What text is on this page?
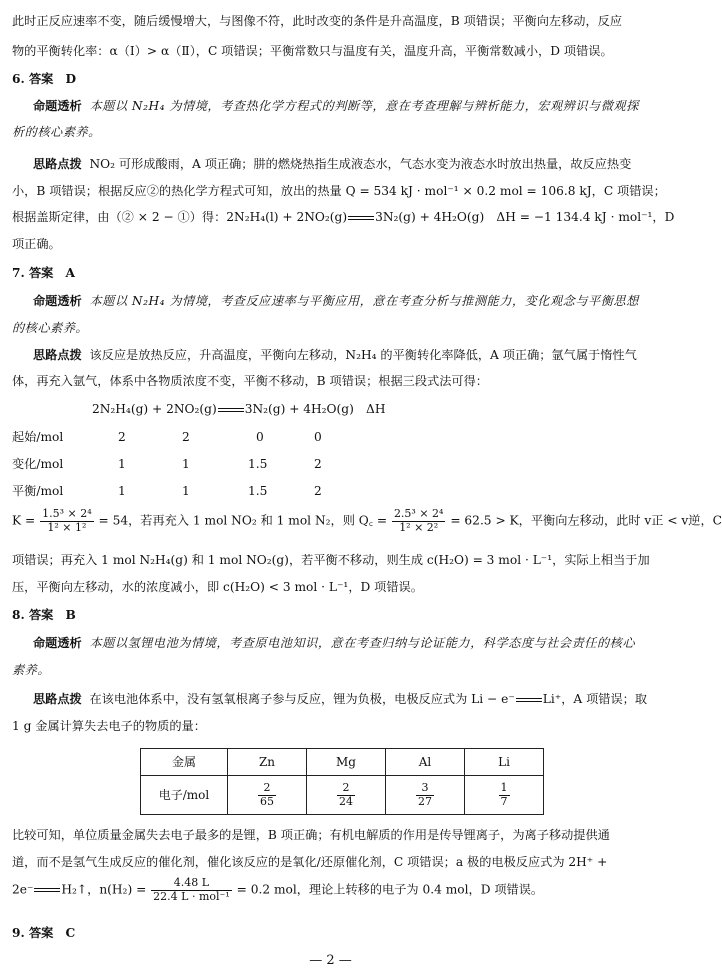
此时正反应速率不变，随后缓慢增大，与图像不符，此时改变的条件是升高温度，B 项错误；平衡向左移动，反应
物的平衡转化率：α（Ⅰ）> α（Ⅱ），C 项错误；平衡常数只与温度有关，温度升高，平衡常数减小，D 项错误。
6. 答案　D
命题透析 本题以 N₂H₄ 为情境，考查热化学方程式的判断等，意在考查理解与辨析能力，宏观辨识与微观探
析的核心素养。
思路点拨 NO₂ 可形成酸雨，A 项正确；肼的燃烧热指生成液态水，气态水变为液态水时放出热量，故反应热变
小，B 项错误；根据反应②的热化学方程式可知，放出的热量 Q = 534 kJ · mol⁻¹ × 0.2 mol = 106.8 kJ，C 项错误；
根据盖斯定律，由（② × 2 − ①）得：2N₂H₄(l) + 2NO₂(g) 3N₂(g) + 4H₂O(g)　ΔH = −1 134.4 kJ · mol⁻¹，D
项正确。
7. 答案　A
命题透析 本题以 N₂H₄ 为情境，考查反应速率与平衡应用，意在考查分析与推测能力，变化观念与平衡思想
的核心素养。
思路点拨 该反应是放热反应，升高温度，平衡向左移动，N₂H₄ 的平衡转化率降低，A 项正确；氩气属于惰性气
体，再充入氩气，体系中各物质浓度不变，平衡不移动，B 项错误；根据三段式法可得：
2N₂H₄(g) + 2NO₂(g) 3N₂(g) + 4H₂O(g)　ΔH
起始/mol	2	2	0	0
变化/mol	1	1	1.5	2
平衡/mol	1	1	1.5	2
$K = \frac{\text{1.5³ × 2⁴}}{\text{1² × 1²}} = 54$，若再充入 1 mol NO₂ 和 1 mol N₂，则 Q꜀ = $\frac{\text{2.5³ × 2⁴}}{\text{1² × 2²}} = 62.5 > K$，平衡向左移动，此时 v正 < v逆，C
项错误；再充入 1 mol N₂H₄(g) 和 1 mol NO₂(g)，若平衡不移动，则生成 c(H₂O) = 3 mol · L⁻¹，实际上相当于加
压，平衡向左移动，水的浓度减小，即 c(H₂O) < 3 mol · L⁻¹，D 项错误。
8. 答案　B
命题透析 本题以氢锂电池为情境，考查原电池知识，意在考查归纳与论证能力，科学态度与社会责任的核心
素养。
思路点拨 在该电池体系中，没有氢氧根离子参与反应，锂为负极，电极反应式为 Li − e⁻ Li⁺，A 项错误；取
1 g 金属计算失去电子的物质的量：
金属	Zn	Mg	Al	Li
电子/mol	$\frac{2}{65}$	$\frac{2}{24}$	$\frac{3}{27}$	$\frac{1}{7}$
比较可知，单位质量金属失去电子最多的是锂，B 项正确；有机电解质的作用是传导锂离子，为离子移动提供通
道，而不是氢气生成反应的催化剂，催化该反应的是氧化/还原催化剂，C 项错误；a 极的电极反应式为 2H⁺ +
2e⁻ H₂↑，$n(H_2) = \frac{4.48 L}{\text{22.4 L · mol⁻¹}} = 0.2$ mol，理论上转移的电子为 0.4 mol，D 项错误。
9. 答案　C
— 2 —
